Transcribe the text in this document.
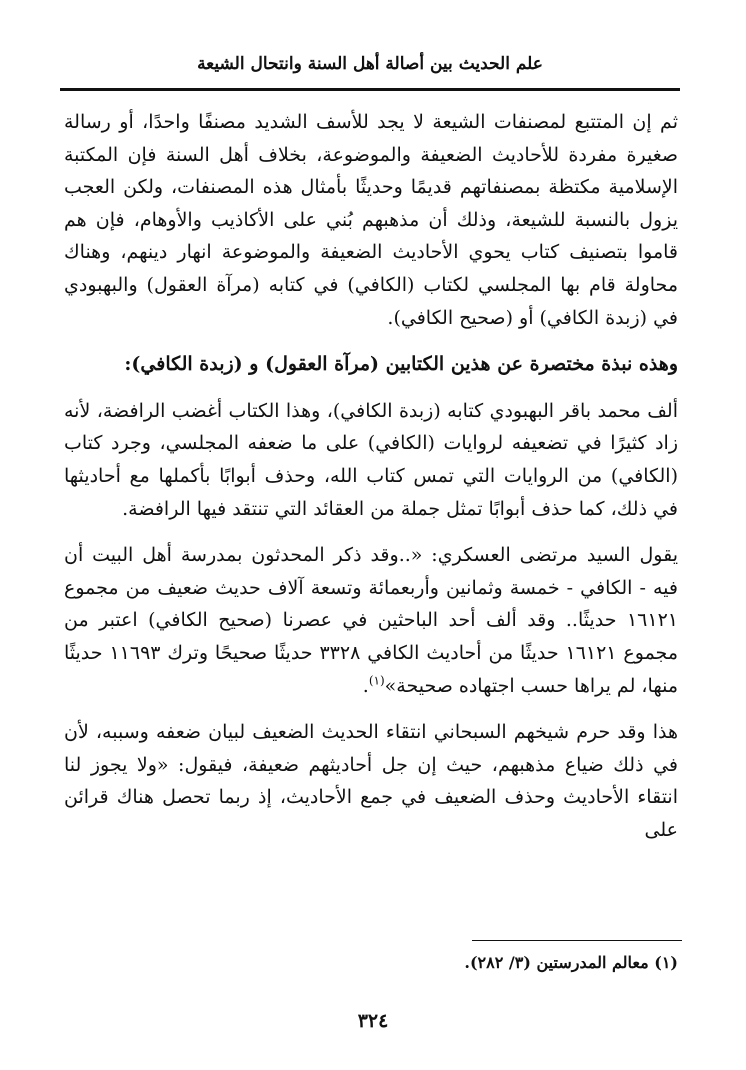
علم الحديث بين أصالة أهل السنة وانتحال الشيعة

ثم إن المتتبع لمصنفات الشيعة لا يجد للأسف الشديد مصنفًا واحدًا، أو رسالة صغيرة مفردة للأحاديث الضعيفة والموضوعة، بخلاف أهل السنة فإن المكتبة الإسلامية مكتظة بمصنفاتهم قديمًا وحديثًا بأمثال هذه المصنفات، ولكن العجب يزول بالنسبة للشيعة، وذلك أن مذهبهم بُني على الأكاذيب والأوهام، فإن هم قاموا بتصنيف كتاب يحوي الأحاديث الضعيفة والموضوعة انهار دينهم، وهناك محاولة قام بها المجلسي لكتاب (الكافي) في كتابه (مرآة العقول) والبهبودي في (زبدة الكافي) أو (صحيح الكافي).

وهذه نبذة مختصرة عن هذين الكتابين (مرآة العقول) و (زبدة الكافي):

ألف محمد باقر البهبودي كتابه (زبدة الكافي)، وهذا الكتاب أغضب الرافضة، لأنه زاد كثيرًا في تضعيفه لروايات (الكافي) على ما ضعفه المجلسي، وجرد كتاب (الكافي) من الروايات التي تمس كتاب الله، وحذف أبوابًا بأكملها مع أحاديثها في ذلك، كما حذف أبوابًا تمثل جملة من العقائد التي تنتقد فيها الرافضة.

يقول السيد مرتضى العسكري: «..وقد ذكر المحدثون بمدرسة أهل البيت أن فيه - الكافي - خمسة وثمانين وأربعمائة وتسعة آلاف حديث ضعيف من مجموع ١٦١٢١ حديثًا.. وقد ألف أحد الباحثين في عصرنا (صحيح الكافي) اعتبر من مجموع ١٦١٢١ حديثًا من أحاديث الكافي ٣٣٢٨ حديثًا صحيحًا وترك ١١٦٩٣ حديثًا منها، لم يراها حسب اجتهاده صحيحة»$^{(١)}$.

هذا وقد حرم شيخهم السبحاني انتقاء الحديث الضعيف لبيان ضعفه وسببه، لأن في ذلك ضياع مذهبهم، حيث إن جل أحاديثهم ضعيفة، فيقول: «ولا يجوز لنا انتقاء الأحاديث وحذف الضعيف في جمع الأحاديث، إذ ربما تحصل هناك قرائن على

(١) معالم المدرستين (٣/ ٢٨٢).
٣٢٤
